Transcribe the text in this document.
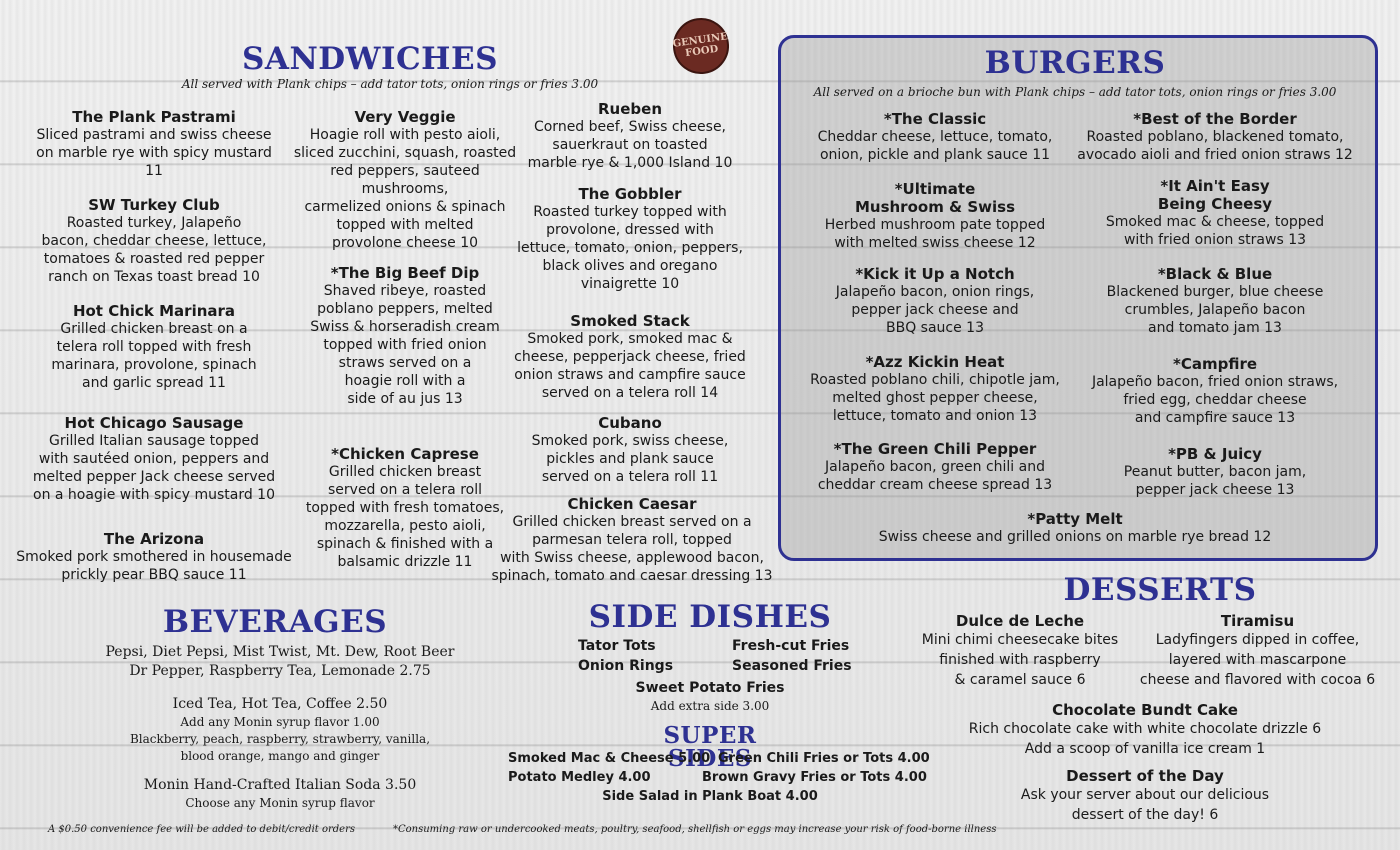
GENUINE FOOD
SANDWICHES
All served with Plank chips – add tator tots, onion rings or fries 3.00
The Plank Pastrami
Sliced pastrami and swiss cheese
on marble rye with spicy mustard
11
SW Turkey Club
Roasted turkey, Jalapeño
bacon, cheddar cheese, lettuce,
tomatoes & roasted red pepper
ranch on Texas toast bread 10
Hot Chick Marinara
Grilled chicken breast on a
telera roll topped with fresh
marinara, provolone, spinach
and garlic spread 11
Hot Chicago Sausage
Grilled Italian sausage topped
with sautéed onion, peppers and
melted pepper Jack cheese served
on a hoagie with spicy mustard 10
The Arizona
Smoked pork smothered in housemade
prickly pear BBQ sauce 11
Very Veggie
Hoagie roll with pesto aioli,
sliced zucchini, squash, roasted
red peppers, sauteed mushrooms,
carmelized onions & spinach
topped with melted
provolone cheese 10
*The Big Beef Dip
Shaved ribeye, roasted
poblano peppers, melted
Swiss & horseradish cream
topped with fried onion
straws served on a
hoagie roll with a
side of au jus 13
*Chicken Caprese
Grilled chicken breast
served on a telera roll
topped with fresh tomatoes,
mozzarella, pesto aioli,
spinach & finished with a
balsamic drizzle 11
Rueben
Corned beef, Swiss cheese,
sauerkraut on toasted
marble rye & 1,000 Island 10
The Gobbler
Roasted turkey topped with
provolone, dressed with
lettuce, tomato, onion, peppers,
black olives and oregano
vinaigrette 10
Smoked Stack
Smoked pork, smoked mac &
cheese, pepperjack cheese, fried
onion straws and campfire sauce
served on a telera roll 14
Cubano
Smoked pork, swiss cheese,
pickles and plank sauce
served on a telera roll 11
Chicken Caesar
Grilled chicken breast served on a
parmesan telera roll, topped
with Swiss cheese, applewood bacon,
spinach, tomato and caesar dressing 13
BURGERS
All served on a brioche bun with Plank chips – add tator tots, onion rings or fries 3.00
*The Classic
Cheddar cheese, lettuce, tomato,
onion, pickle and plank sauce 11
*Ultimate
Mushroom & Swiss
Herbed mushroom pate topped
with melted swiss cheese 12
*Kick it Up a Notch
Jalapeño bacon, onion rings,
pepper jack cheese and
BBQ sauce 13
*Azz Kickin Heat
Roasted poblano chili, chipotle jam,
melted ghost pepper cheese,
lettuce, tomato and onion 13
*The Green Chili Pepper
Jalapeño bacon, green chili and
cheddar cream cheese spread 13
*Best of the Border
Roasted poblano, blackened tomato,
avocado aioli and fried onion straws 12
*It Ain't Easy
Being Cheesy
Smoked mac & cheese, topped
with fried onion straws 13
*Black & Blue
Blackened burger, blue cheese
crumbles, Jalapeño bacon
and tomato jam 13
*Campfire
Jalapeño bacon, fried onion straws,
fried egg, cheddar cheese
and campfire sauce 13
*PB & Juicy
Peanut butter, bacon jam,
pepper jack cheese 13
*Patty Melt
Swiss cheese and grilled onions on marble rye bread 12
BEVERAGES
Pepsi, Diet Pepsi, Mist Twist, Mt. Dew, Root Beer
Dr Pepper, Raspberry Tea, Lemonade 2.75
Iced Tea, Hot Tea, Coffee 2.50
Add any Monin syrup flavor 1.00
Blackberry, peach, raspberry, strawberry, vanilla,
blood orange, mango and ginger
Monin Hand-Crafted Italian Soda 3.50
Choose any Monin syrup flavor
SIDE DISHES
Tator Tots
Onion Rings
Fresh-cut Fries
Seasoned Fries
Sweet Potato Fries
Add extra side 3.00
SUPER SIDES
Smoked Mac & Cheese 5.00
Potato Medley 4.00
Green Chili Fries or Tots 4.00
Brown Gravy Fries or Tots 4.00
Side Salad in Plank Boat 4.00
DESSERTS
Dulce de Leche
Mini chimi cheesecake bites
finished with raspberry
& caramel sauce 6
Tiramisu
Ladyfingers dipped in coffee,
layered with mascarpone
cheese and flavored with cocoa 6
Chocolate Bundt Cake
Rich chocolate cake with white chocolate drizzle 6
Add a scoop of vanilla ice cream 1
Dessert of the Day
Ask your server about our delicious
dessert of the day! 6
A $0.50 convenience fee will be added to debit/credit orders	*Consuming raw or undercooked meats, poultry, seafood, shellfish or eggs may increase your risk of food-borne illness
